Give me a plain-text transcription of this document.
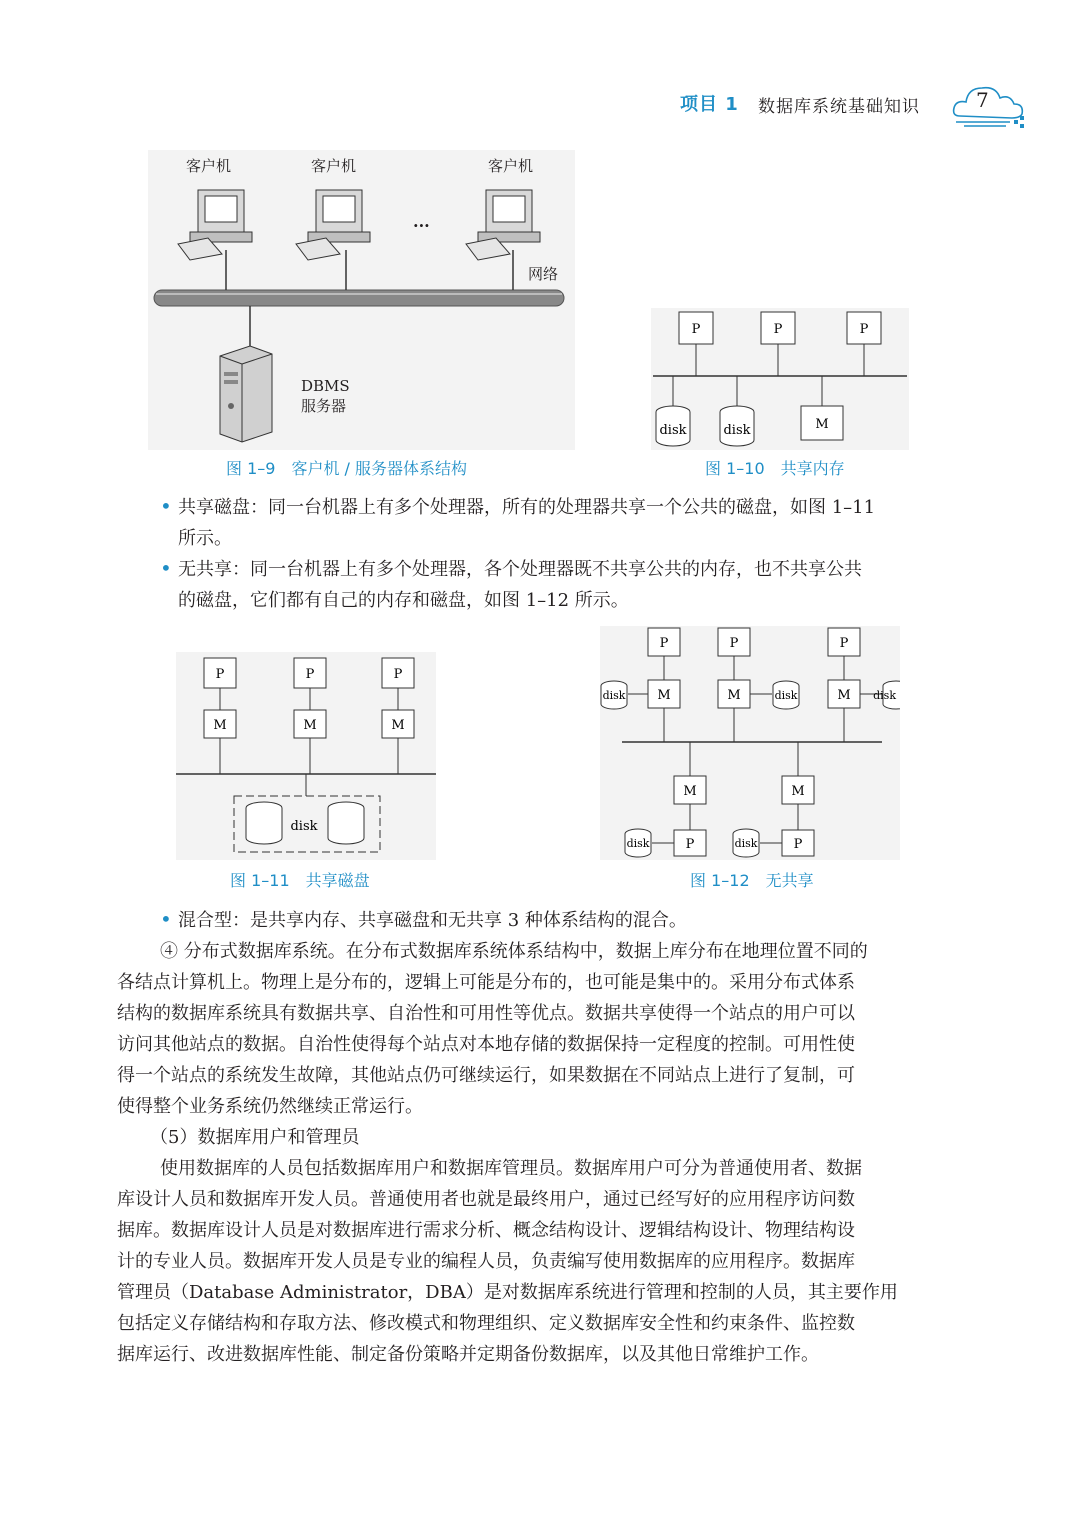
项目 1 数据库系统基础知识	7
客户机	客户机	客户机
···
网络
DBMS
服务器
图 1–9　客户机 / 服务器体系结构
P	P	P
M
disk	disk
图 1–10　共享内存
• 共享磁盘：同一台机器上有多个处理器，所有的处理器共享一个公共的磁盘，如图 1–11
所示。
• 无共享：同一台机器上有多个处理器，各个处理器既不共享公共的内存，也不共享公共
的磁盘，它们都有自己的内存和磁盘，如图 1–12 所示。
P	P	P
M	M	M
disk
图 1–11　共享磁盘
P	P	P
M	M	M
M	M
P	P
disk	disk	disk
disk	disk
图 1–12　无共享
• 混合型：是共享内存、共享磁盘和无共享 3 种体系结构的混合。
④ 分布式数据库系统。在分布式数据库系统体系结构中，数据上库分布在地理位置不同的
各结点计算机上。物理上是分布的，逻辑上可能是分布的，也可能是集中的。采用分布式体系
结构的数据库系统具有数据共享、自治性和可用性等优点。数据共享使得一个站点的用户可以
访问其他站点的数据。自治性使得每个站点对本地存储的数据保持一定程度的控制。可用性使
得一个站点的系统发生故障，其他站点仍可继续运行，如果数据在不同站点上进行了复制，可
使得整个业务系统仍然继续正常运行。
（5）数据库用户和管理员
使用数据库的人员包括数据库用户和数据库管理员。数据库用户可分为普通使用者、数据
库设计人员和数据库开发人员。普通使用者也就是最终用户，通过已经写好的应用程序访问数
据库。数据库设计人员是对数据库进行需求分析、概念结构设计、逻辑结构设计、物理结构设
计的专业人员。数据库开发人员是专业的编程人员，负责编写使用数据库的应用程序。数据库
管理员（Database Administrator，DBA）是对数据库系统进行管理和控制的人员，其主要作用
包括定义存储结构和存取方法、修改模式和物理组织、定义数据库安全性和约束条件、监控数
据库运行、改进数据库性能、制定备份策略并定期备份数据库，以及其他日常维护工作。
